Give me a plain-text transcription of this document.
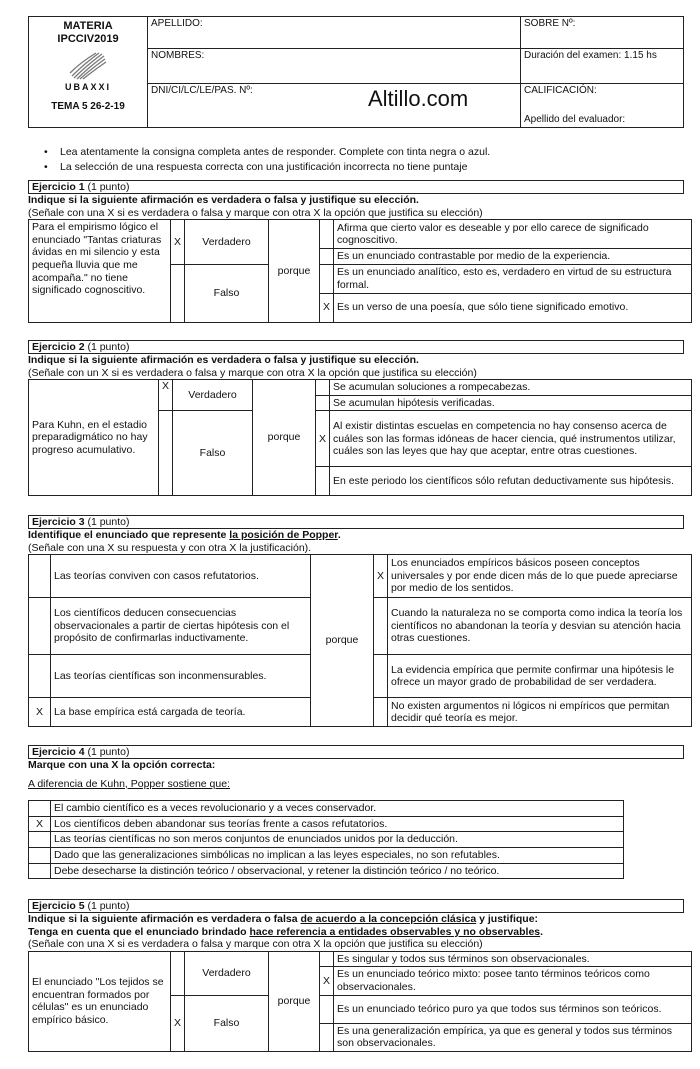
MATERIA
IPCCIV2019
UBAXXI
TEMA 5 26-2-19	APELLIDO:	SOBRE Nº:
	NOMBRES:	Duración del examen: 1.15 hs
	DNI/CI/LC/LE/PAS. Nº:	CALIFICACIÓN:
Apellido del evaluador:
Altillo.com
• Lea atentamente la consigna completa antes de responder. Complete con tinta negra o azul.
• La selección de una respuesta correcta con una justificación incorrecta no tiene puntaje
Ejercicio 1 (1 punto)
Indique si la siguiente afirmación es verdadera o falsa y justifique su elección.
(Señale con una X si es verdadera o falsa y marque con otra X la opción que justifica su elección)
Para el empirismo lógico el enunciado "Tantas criaturas ávidas en mi silencio y esta pequeña lluvia que me acompaña." no tiene significado cognoscitivo.	X	Verdadero	porque		Afirma que cierto valor es deseable y por ello carece de significado cognoscitivo.
					Es un enunciado contrastable por medio de la experiencia.
		Falso			Es un enunciado analítico, esto es, verdadero en virtud de su estructura formal.
				X	Es un verso de una poesía, que sólo tiene significado emotivo.
Ejercicio 2 (1 punto)
Indique si la siguiente afirmación es verdadera o falsa y justifique su elección.
(Señale con un X si es verdadera o falsa y marque con otra X la opción que justifica su elección)
Para Kuhn, en el estadio preparadigmático no hay progreso acumulativo.	X	Verdadero	porque		Se acumulan soluciones a rompecabezas.
					Se acumulan hipótesis verificadas.
		Falso		X	Al existir distintas escuelas en competencia no hay consenso acerca de cuáles son las formas idóneas de hacer ciencia, qué instrumentos utilizar, cuáles son las leyes que hay que aceptar, entre otras cuestiones.
					En este periodo los científicos sólo refutan deductivamente sus hipótesis.
Ejercicio 3 (1 punto)
Identifique el enunciado que represente la posición de Popper.
(Señale con una X su respuesta y con otra X la justificación).
	Las teorías conviven con casos refutatorios.	porque	X	Los enunciados empíricos básicos poseen conceptos universales y por ende dicen más de lo que puede apreciarse por medio de los sentidos.
	Los científicos deducen consecuencias observacionales a partir de ciertas hipótesis con el propósito de confirmarlas inductivamente.			Cuando la naturaleza no se comporta como indica la teoría los científicos no abandonan la teoría y desvian su atención hacia otras cuestiones.
	Las teorías científicas son inconmensurables.			La evidencia empírica que permite confirmar una hipótesis le ofrece un mayor grado de probabilidad de ser verdadera.
X	La base empírica está cargada de teoría.			No existen argumentos ni lógicos ni empíricos que permitan decidir qué teoría es mejor.
Ejercicio 4 (1 punto)
Marque con una X la opción correcta:
A diferencia de Kuhn, Popper sostiene que:
	El cambio científico es a veces revolucionario y a veces conservador.
X	Los científicos deben abandonar sus teorías frente a casos refutatorios.
	Las teorías científicas no son meros conjuntos de enunciados unidos por la deducción.
	Dado que las generalizaciones simbólicas no implican a las leyes especiales, no son refutables.
	Debe desecharse la distinción teórico / observacional, y retener la distinción teórico / no teórico.
Ejercicio 5 (1 punto)
Indique si la siguiente afirmación es verdadera o falsa de acuerdo a la concepción clásica y justifique:
Tenga en cuenta que el enunciado brindado hace referencia a entidades observables y no observables.
(Señale con una X si es verdadera o falsa y marque con otra X la opción que justifica su elección)
El enunciado "Los tejidos se encuentran formados por células" es un enunciado empírico básico.		Verdadero	porque		Es singular y todos sus términos son observacionales.
				X	Es un enunciado teórico mixto: posee tanto términos teóricos como observacionales.
	X	Falso			Es un enunciado teórico puro ya que todos sus términos son teóricos.
					Es una generalización empírica, ya que es general y todos sus términos son observacionales.
